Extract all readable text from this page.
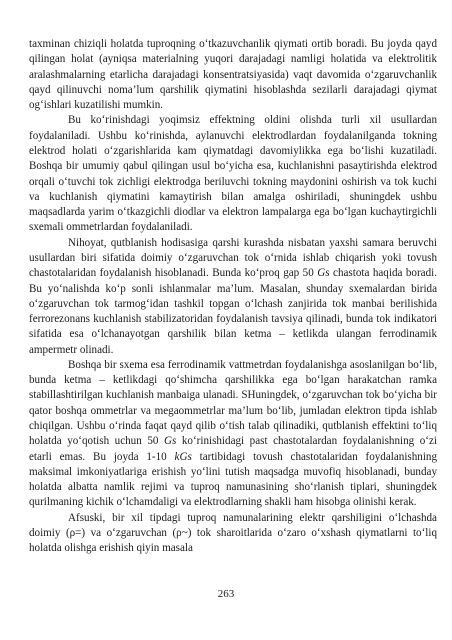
taxminan chiziqli holatda tuproqning o‘tkazuvchanlik qiymati ortib boradi. Bu joyda qayd qilingan holat (ayniqsa materialning yuqori darajadagi namligi holatida va elektrolitik aralashmalarning etarlicha darajadagi konsentratsiyasida) vaqt davomida o‘zgaruvchanlik qayd qilinuvchi noma’lum qarshilik qiymatini hisoblashda sezilarli darajadagi qiymat og‘ishlari kuzatilishi mumkin.

Bu ko‘rinishdagi yoqimsiz effektning oldini olishda turli xil usullardan foydalaniladi. Ushbu ko‘rinishda, aylanuvchi elektrodlardan foydalanilganda tokning elektrod holati o‘zgarishlarida kam qiymatdagi davomiylikka ega bo‘lishi kuzatiladi. Boshqa bir umumiy qabul qilingan usul bo‘yicha esa, kuchlanishni pasaytirishda elektrod orqali o‘tuvchi tok zichligi elektrodga beriluvchi tokning maydonini oshirish va tok kuchi va kuchlanish qiymatini kamaytirish bilan amalga oshiriladi, shuningdek ushbu maqsadlarda yarim o‘tkazgichli diodlar va elektron lampalarga ega bo‘lgan kuchaytirgichli sxemali ommetrlardan foydalaniladi.

Nihoyat, qutblanish hodisasiga qarshi kurashda nisbatan yaxshi samara beruvchi usullardan biri sifatida doimiy o‘zgaruvchan tok o‘rnida ishlab chiqarish yoki tovush chastotalaridan foydalanish hisoblanadi. Bunda ko‘proq gap 50 Gs chastota haqida boradi. Bu yo‘nalishda ko‘p sonli ishlanmalar ma’lum. Masalan, shunday sxemalardan birida o‘zgaruvchan tok tarmog‘idan tashkil topgan o‘lchash zanjirida tok manbai berilishida ferrorezonans kuchlanish stabilizatoridan foydalanish tavsiya qilinadi, bunda tok indikatori sifatida esa o‘lchanayotgan qarshilik bilan ketma – ketlikda ulangan ferrodinamik ampermetr olinadi.

Boshqa bir sxema esa ferrodinamik vattmetrdan foydalanishga asoslanilgan bo‘lib, bunda ketma – ketlikdagi qo‘shimcha qarshilikka ega bo‘lgan harakatchan ramka stabillashtirilgan kuchlanish manbaiga ulanadi. SHuningdek, o‘zgaruvchan tok bo‘yicha bir qator boshqa ommetrlar va megaommetrlar ma’lum bo‘lib, jumladan elektron tipda ishlab chiqilgan. Ushbu o‘rinda faqat qayd qilib o‘tish talab qilinadiki, qutblanish effektini to‘liq holatda yo‘qotish uchun 50 Gs ko‘rinishidagi past chastotalardan foydalanishning o‘zi etarli emas. Bu joyda 1-10 kGs tartibidagi tovush chastotalaridan foydalanishning maksimal imkoniyatlariga erishish yo‘lini tutish maqsadga muvofiq hisoblanadi, bunday holatda albatta namlik rejimi va tuproq namunasining sho‘rlanish tiplari, shuningdek qurilmaning kichik o‘lchamdaligi va elektrodlarning shakli ham hisobga olinishi kerak.

Afsuski, bir xil tipdagi tuproq namunalarining elektr qarshiligini o‘lchashda doimiy (ρ=) va o‘zgaruvchan (ρ~) tok sharoitlarida o‘zaro o‘xshash qiymatlarni to‘liq holatda olishga erishish qiyin masala

263
